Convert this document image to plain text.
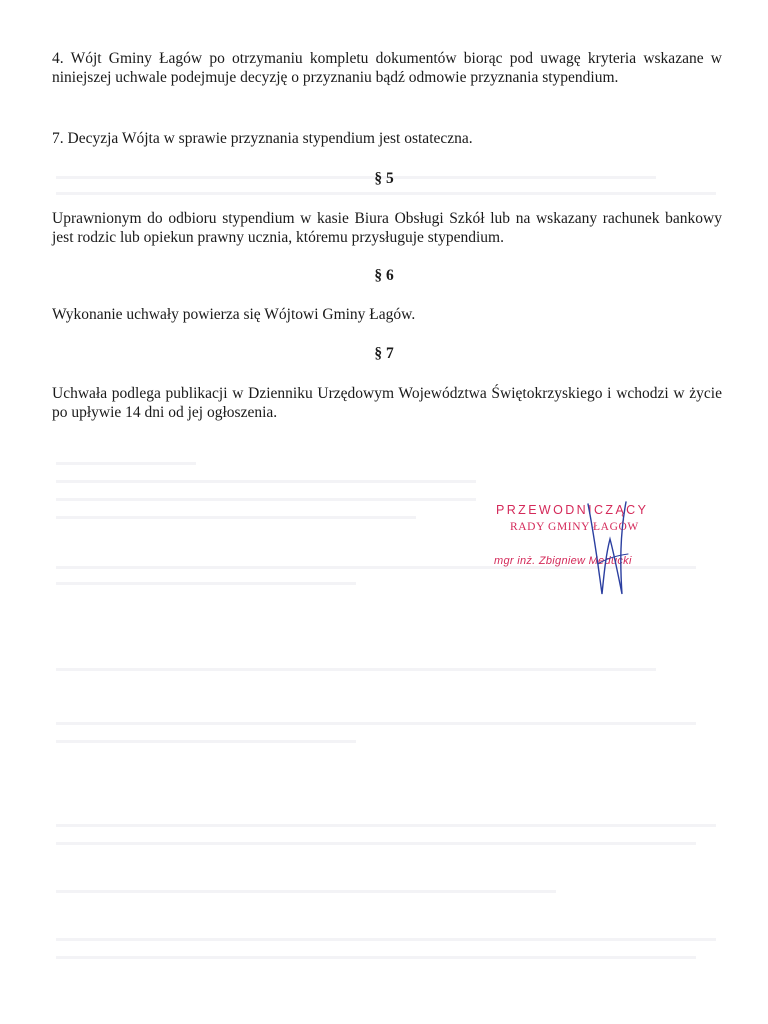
4. Wójt Gminy Łagów po otrzymaniu kompletu dokumentów biorąc pod uwagę kryteria wskazane w niniejszej uchwale podejmuje decyzję o przyznaniu bądź odmowie przyznania stypendium.

7. Decyzja Wójta w sprawie przyznania stypendium jest ostateczna.

§ 5

Uprawnionym do odbioru stypendium w kasie Biura Obsługi Szkół lub na wskazany rachunek bankowy jest rodzic lub opiekun prawny ucznia, któremu przysługuje stypendium.

§ 6

Wykonanie uchwały powierza się Wójtowi Gminy Łagów.

§ 7

Uchwała podlega publikacji w Dzienniku Urzędowym Województwa Świętokrzyskiego i wchodzi w życie po upływie 14 dni od jej ogłoszenia.

PRZEWODNICZĄCY
RADY GMINY ŁAGÓW
mgr inż. Zbigniew Meducki
